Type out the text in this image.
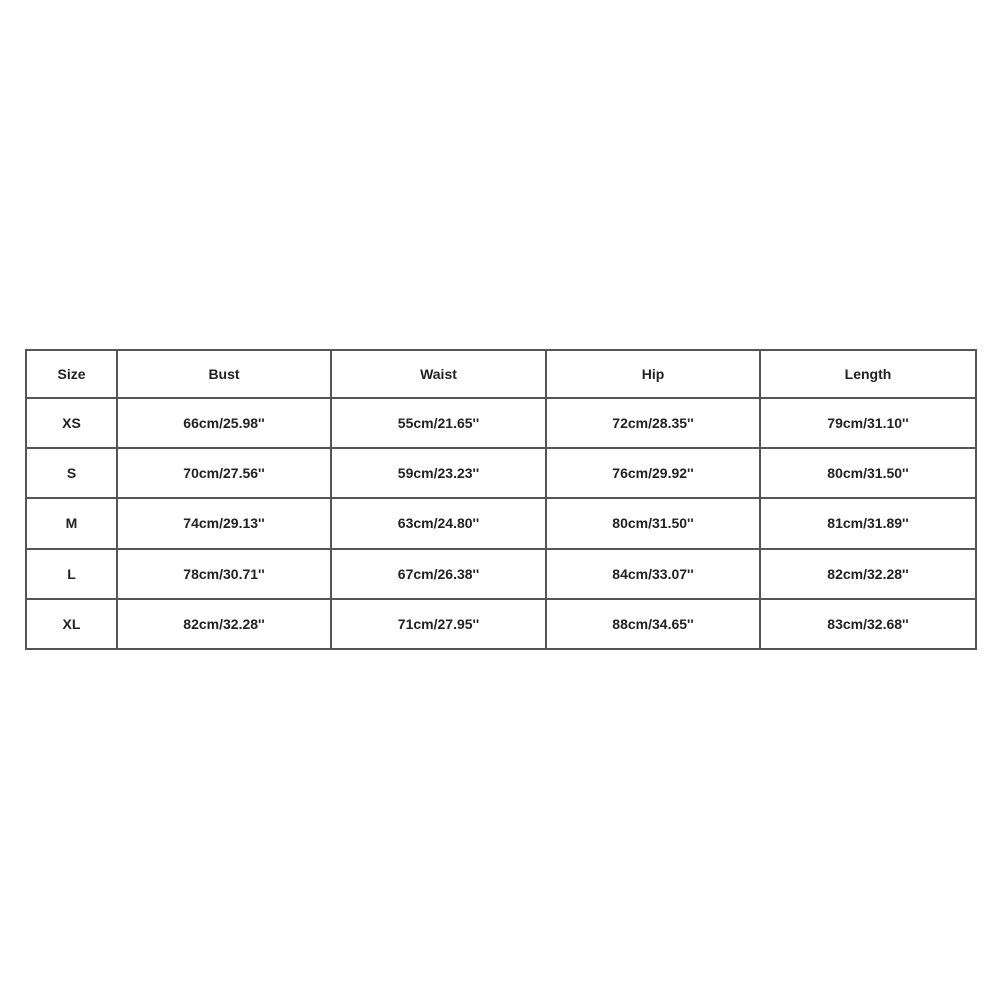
Size	Bust	Waist	Hip	Length
XS	66cm/25.98''	55cm/21.65''	72cm/28.35''	79cm/31.10''
S	70cm/27.56''	59cm/23.23''	76cm/29.92''	80cm/31.50''
M	74cm/29.13''	63cm/24.80''	80cm/31.50''	81cm/31.89''
L	78cm/30.71''	67cm/26.38''	84cm/33.07''	82cm/32.28''
XL	82cm/32.28''	71cm/27.95''	88cm/34.65''	83cm/32.68''
